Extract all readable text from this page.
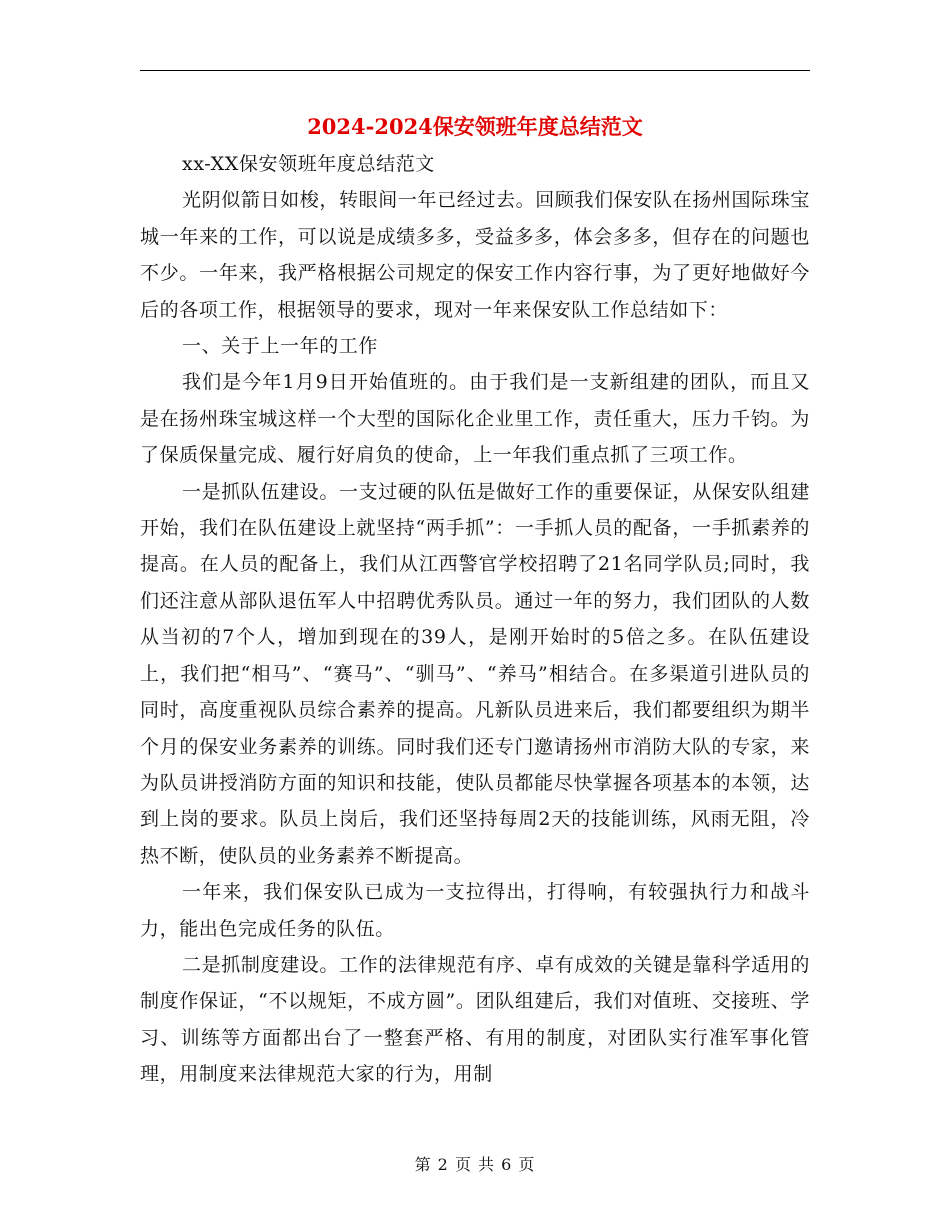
2024-2024保安领班年度总结范文

xx-XX保安领班年度总结范文

光阴似箭日如梭，转眼间一年已经过去。回顾我们保安队在扬州国际珠宝城一年来的工作，可以说是成绩多多，受益多多，体会多多，但存在的问题也不少。一年来，我严格根据公司规定的保安工作内容行事，为了更好地做好今后的各项工作，根据领导的要求，现对一年来保安队工作总结如下：

一、关于上一年的工作

我们是今年1月9日开始值班的。由于我们是一支新组建的团队，而且又是在扬州珠宝城这样一个大型的国际化企业里工作，责任重大，压力千钧。为了保质保量完成、履行好肩负的使命，上一年我们重点抓了三项工作。

一是抓队伍建设。一支过硬的队伍是做好工作的重要保证，从保安队组建开始，我们在队伍建设上就坚持“两手抓”：一手抓人员的配备，一手抓素养的提高。在人员的配备上，我们从江西警官学校招聘了21名同学队员;同时，我们还注意从部队退伍军人中招聘优秀队员。通过一年的努力，我们团队的人数从当初的7个人，增加到现在的39人，是刚开始时的5倍之多。在队伍建设上，我们把“相马”、“赛马”、“驯马”、“养马”相结合。在多渠道引进队员的同时，高度重视队员综合素养的提高。凡新队员进来后，我们都要组织为期半个月的保安业务素养的训练。同时我们还专门邀请扬州市消防大队的专家，来为队员讲授消防方面的知识和技能，使队员都能尽快掌握各项基本的本领，达到上岗的要求。队员上岗后，我们还坚持每周2天的技能训练，风雨无阻，冷热不断，使队员的业务素养不断提高。

一年来，我们保安队已成为一支拉得出，打得响，有较强执行力和战斗力，能出色完成任务的队伍。

二是抓制度建设。工作的法律规范有序、卓有成效的关键是靠科学适用的制度作保证，“不以规矩，不成方圆”。团队组建后，我们对值班、交接班、学习、训练等方面都出台了一整套严格、有用的制度，对团队实行准军事化管理，用制度来法律规范大家的行为，用制

第 2 页 共 6 页
